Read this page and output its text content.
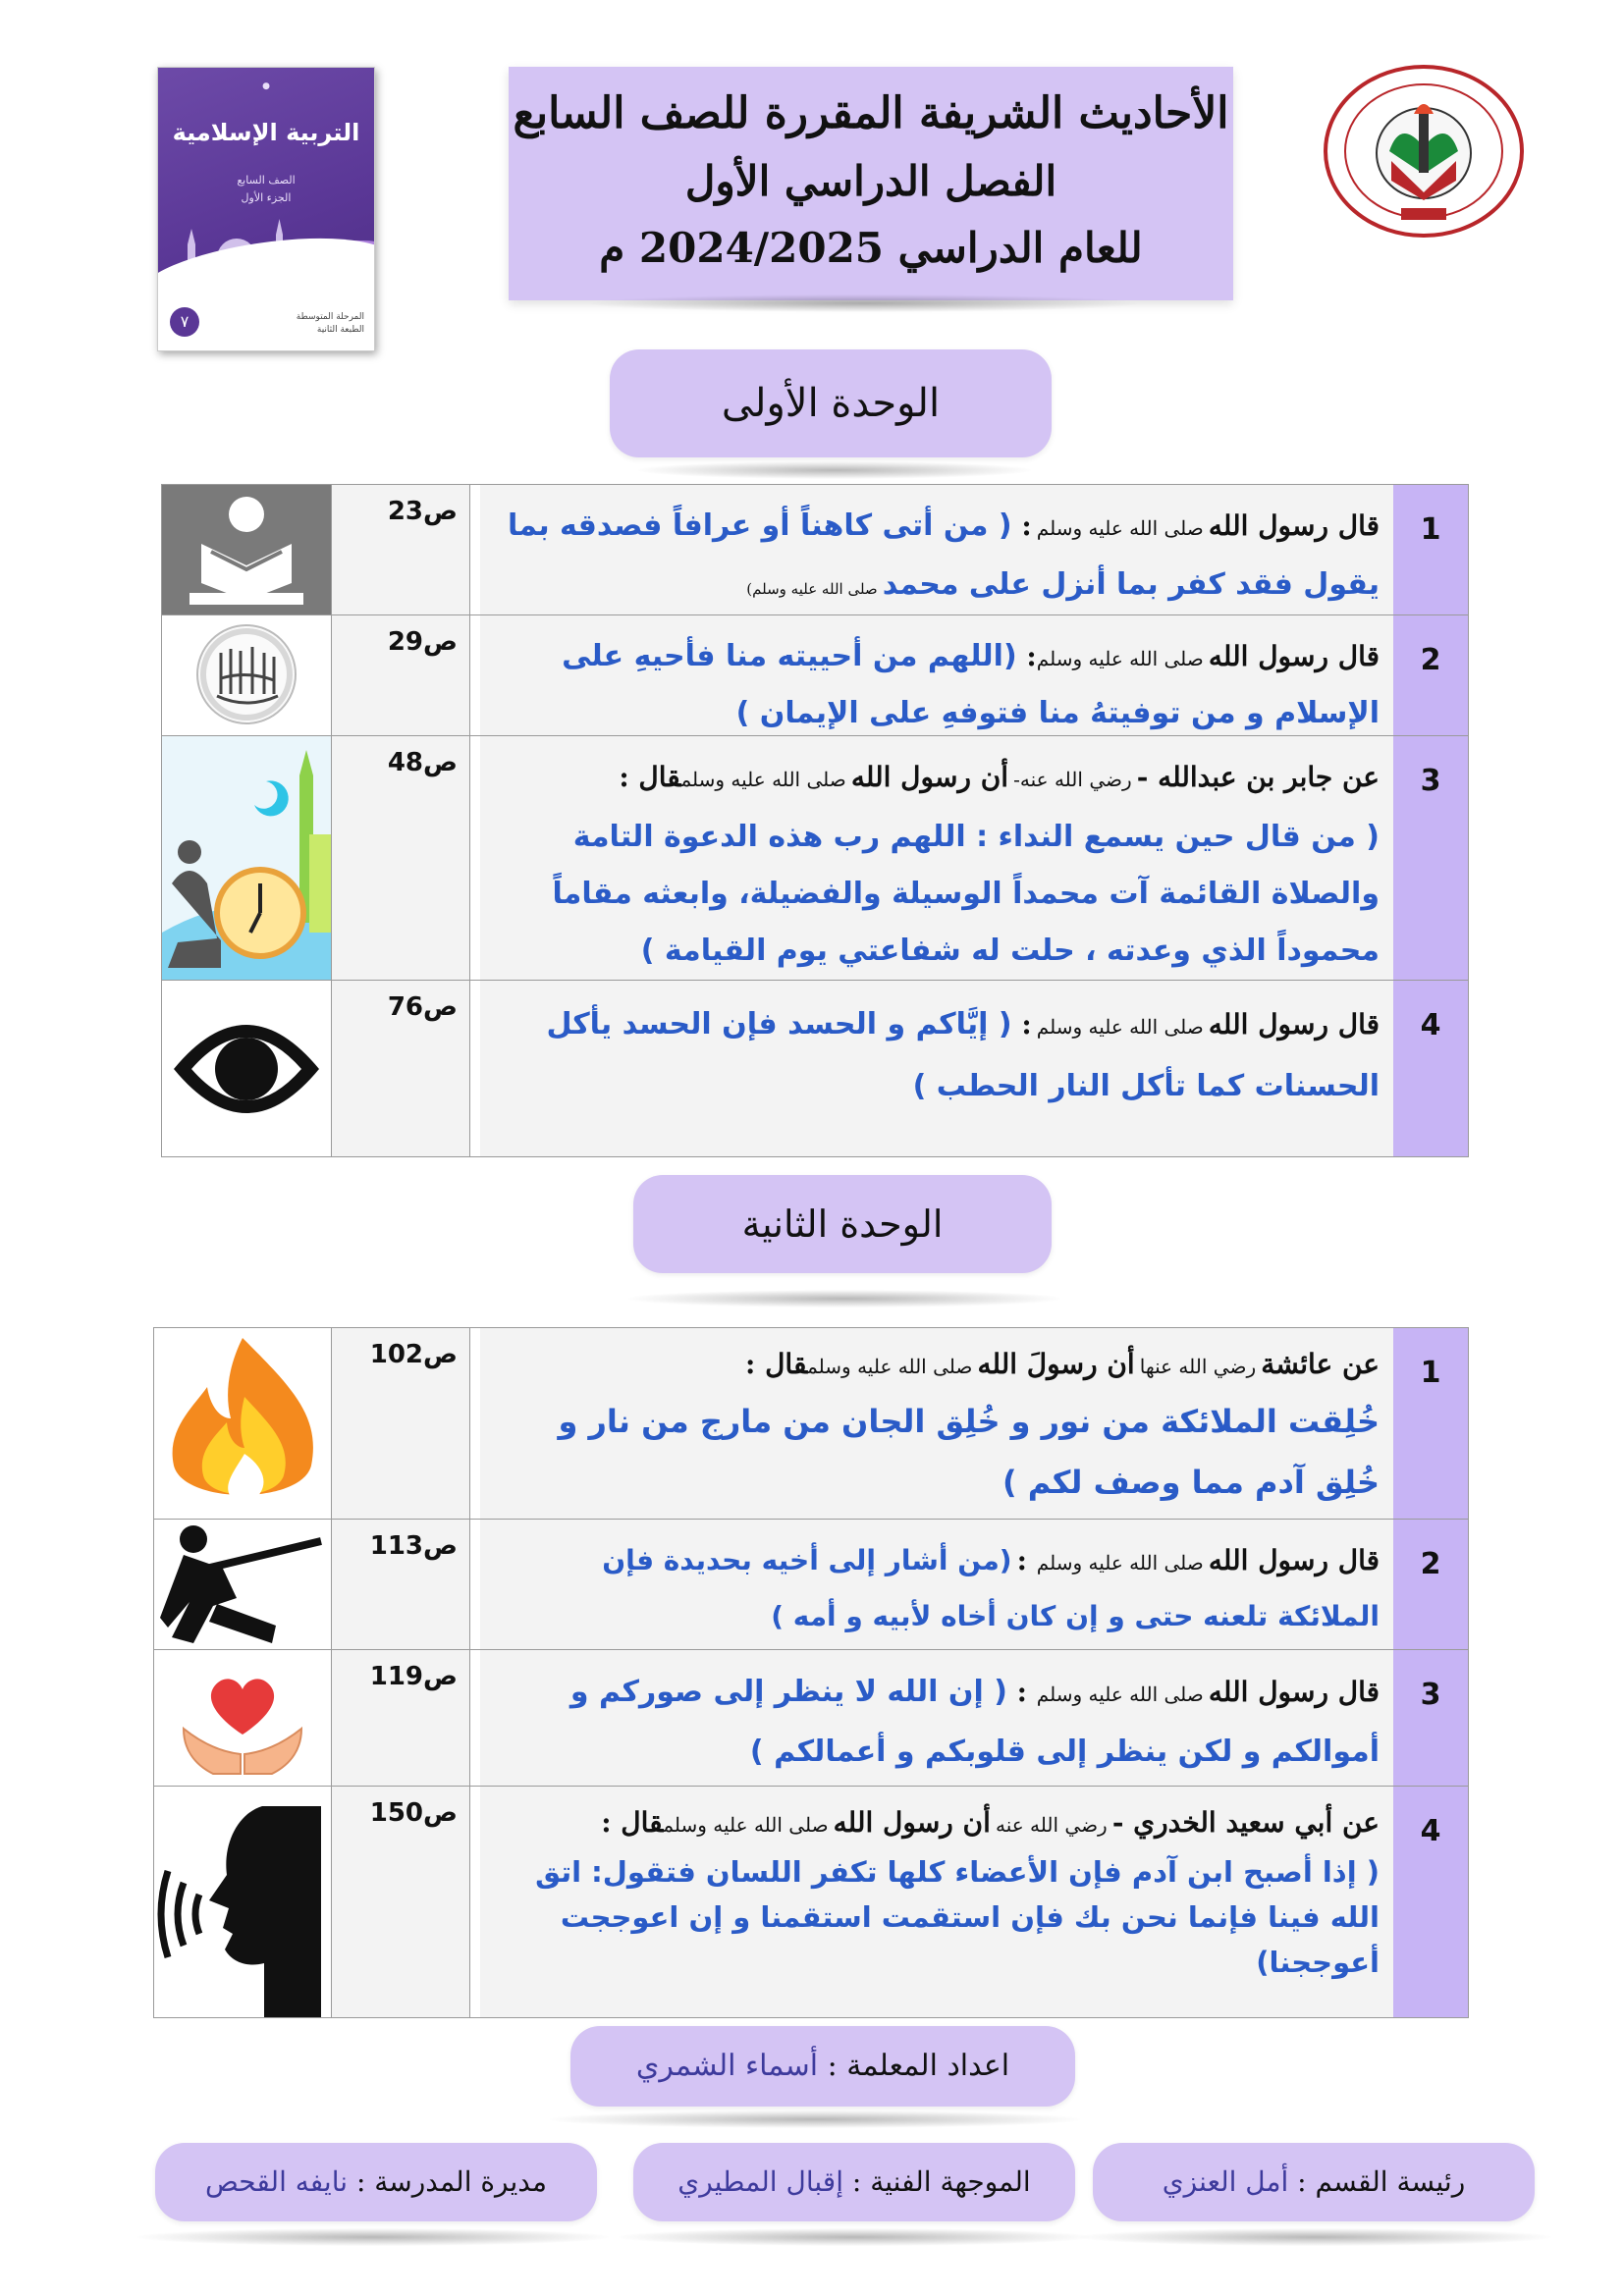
●
التربية الإسلامية
الصف السابع
الجزء الأول
٧	المرحلة المتوسطة
الطبعة الثانية
الأحاديث الشريفة المقررة للصف السابع
الفصل الدراسي الأول
للعام الدراسي 2024/2025 م
الوحدة الأولى
1
قال رسول الله صلى الله عليه وسلم : ( من أتى كاهناً أو عرافاً فصدقه بما يقول فقد كفر بما أنزل على محمد صلى الله عليه وسلم)
ص23
2
قال رسول الله صلى الله عليه وسلم: (اللهم من أحييته منا فأحيهِ على الإسلام و من توفيتهُ منا فتوفهِ على الإيمان )
ص29
3
عن جابر بن عبدالله - رضي الله عنه- أن رسول الله صلى الله عليه وسلمقال :
( من قال حين يسمع النداء : اللهم رب هذه الدعوة التامة والصلاة القائمة آت محمداً الوسيلة والفضيلة، وابعثه مقاماً محموداً الذي وعدته ، حلت له شفاعتي يوم القيامة )
ص48
4
قال رسول الله صلى الله عليه وسلم : ( إيَّاكم و الحسد فإن الحسد يأكل الحسنات كما تأكل النار الحطب )
ص76
الوحدة الثانية
1
عن عائشة رضي الله عنها أن رسولَ الله صلى الله عليه وسلمقال :
خُلِقت الملائكة من نور و خُلِق الجان من مارج من نار و خُلِق آدم مما وصف لكم )
ص102
2
قال رسول الله صلى الله عليه وسلم : (من أشار إلى أخيه بحديدة فإن الملائكة تلعنه حتى و إن كان أخاه لأبيه و أمه )
ص113
3
قال رسول الله صلى الله عليه وسلم : ( إن الله لا ينظر إلى صوركم و أموالكم و لكن ينظر إلى قلوبكم و أعمالكم )
ص119
4
عن أبي سعيد الخدري - رضي الله عنه أن رسول الله صلى الله عليه وسلمقال :
( إذا أصبح ابن آدم فإن الأعضاء كلها تكفر اللسان فتقول: اتق الله فينا فإنما نحن بك فإن استقمت استقمنا و إن اعوججت أعوججنا)
ص150
اعداد المعلمة : أسماء الشمري
رئيسة القسم : أمل العنزي
الموجهة الفنية : إقبال المطيري
مديرة المدرسة : نايفه القحص
